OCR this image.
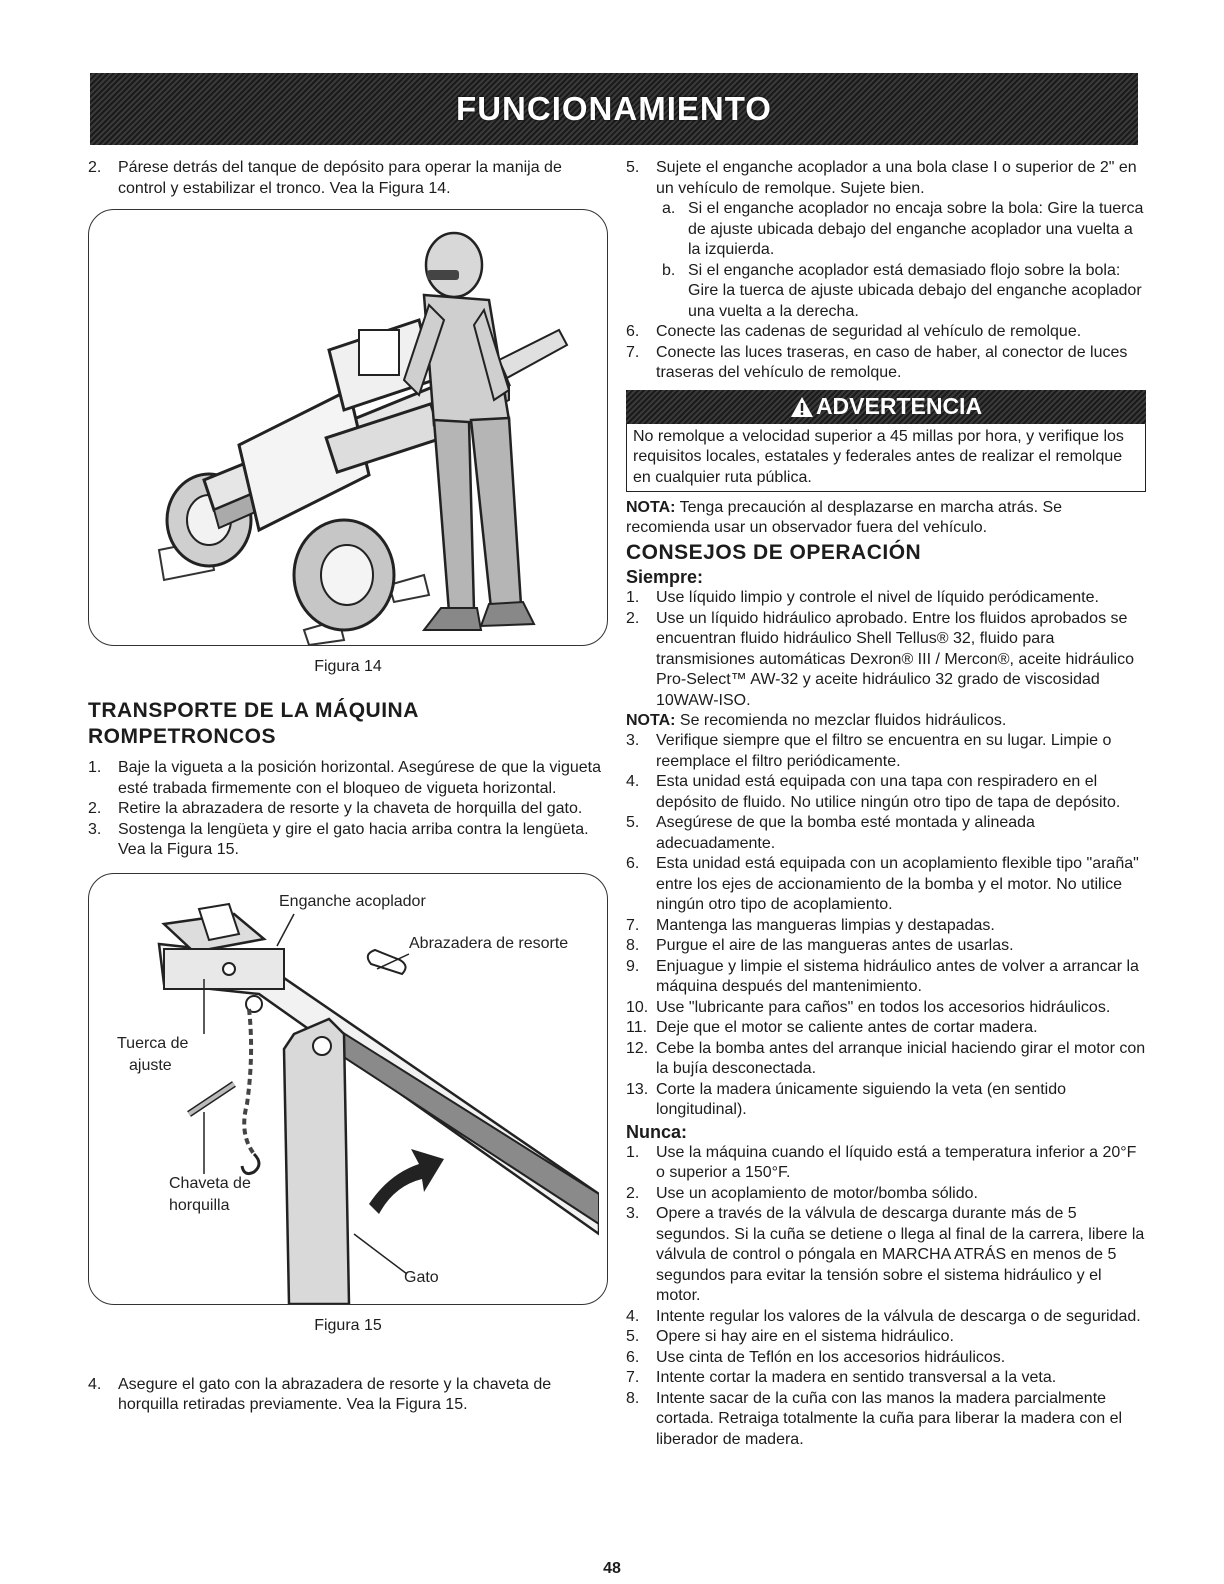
FUNCIONAMIENTO
2.	Párese detrás del tanque de depósito para operar la manija de control y estabilizar el tronco. Vea la Figura 14.
Figura 14
TRANSPORTE DE LA MÁQUINA
ROMPETRONCOS
1.	Baje la vigueta a la posición horizontal. Asegúrese de que la vigueta esté trabada firmemente con el bloqueo de vigueta horizontal.
2.	Retire la abrazadera de resorte y la chaveta de horquilla del gato.
3.	Sostenga la lengüeta y gire el gato hacia arriba contra la lengüeta. Vea la Figura 15.
Enganche acoplador
Abrazadera de resorte
Tuerca de
ajuste
Chaveta de
horquilla
Gato
Figura 15
4.	Asegure el gato con la abrazadera de resorte y la chaveta de horquilla retiradas previamente. Vea la Figura 15.
5.	Sujete el enganche acoplador a una bola clase I o superior de 2" en un vehículo de remolque. Sujete bien.
a. Si el enganche acoplador no encaja sobre la bola: Gire la tuerca de ajuste ubicada debajo del enganche acoplador una vuelta a la izquierda.
b. Si el enganche acoplador está demasiado flojo sobre la bola: Gire la tuerca de ajuste ubicada debajo del enganche acoplador una vuelta a la derecha.
6.	Conecte las cadenas de seguridad al vehículo de remolque.
7.	Conecte las luces traseras, en caso de haber, al conector de luces traseras del vehículo de remolque.
ADVERTENCIA
No remolque a velocidad superior a 45 millas por hora, y verifique los requisitos locales, estatales y federales antes de realizar el remolque en cualquier ruta pública.
NOTA: Tenga precaución al desplazarse en marcha atrás. Se recomienda usar un observador fuera del vehículo.
CONSEJOS DE OPERACIÓN
Siempre:
1.	Use líquido limpio y controle el nivel de líquido peródicamente.
2.	Use un líquido hidráulico aprobado. Entre los fluidos aprobados se encuentran fluido hidráulico Shell Tellus® 32, fluido para transmisiones automáticas Dexron® III / Mercon®, aceite hidráulico Pro-Select™ AW-32 y aceite hidráulico 32 grado de viscosidad 10WAW-ISO.
NOTA: Se recomienda no mezclar fluidos hidráulicos.
3.	Verifique siempre que el filtro se encuentra en su lugar. Limpie o reemplace el filtro periódicamente.
4.	Esta unidad está equipada con una tapa con respiradero en el depósito de fluido. No utilice ningún otro tipo de tapa de depósito.
5.	Asegúrese de que la bomba esté montada y alineada adecuadamente.
6.	Esta unidad está equipada con un acoplamiento flexible tipo "araña" entre los ejes de accionamiento de la bomba y el motor. No utilice ningún otro tipo de acoplamiento.
7.	Mantenga las mangueras limpias y destapadas.
8.	Purgue el aire de las mangueras antes de usarlas.
9.	Enjuague y limpie el sistema hidráulico antes de volver a arrancar la máquina después del mantenimiento.
10. Use "lubricante para caños" en todos los accesorios hidráulicos.
11. Deje que el motor se caliente antes de cortar madera.
12. Cebe la bomba antes del arranque inicial haciendo girar el motor con la bujía desconectada.
13. Corte la madera únicamente siguiendo la veta (en sentido longitudinal).
Nunca:
1.	Use la máquina cuando el líquido está a temperatura inferior a 20°F o superior a 150°F.
2.	Use un acoplamiento de motor/bomba sólido.
3.	Opere a través de la válvula de descarga durante más de 5 segundos. Si la cuña se detiene o llega al final de la carrera, libere la válvula de control o póngala en MARCHA ATRÁS en menos de 5 segundos para evitar la tensión sobre el sistema hidráulico y el motor.
4.	Intente regular los valores de la válvula de descarga o de seguridad.
5.	Opere si hay aire en el sistema hidráulico.
6.	Use cinta de Teflón en los accesorios hidráulicos.
7.	Intente cortar la madera en sentido transversal a la veta.
8.	Intente sacar de la cuña con las manos la madera parcialmente cortada. Retraiga totalmente la cuña para liberar la madera con el liberador de madera.
48
